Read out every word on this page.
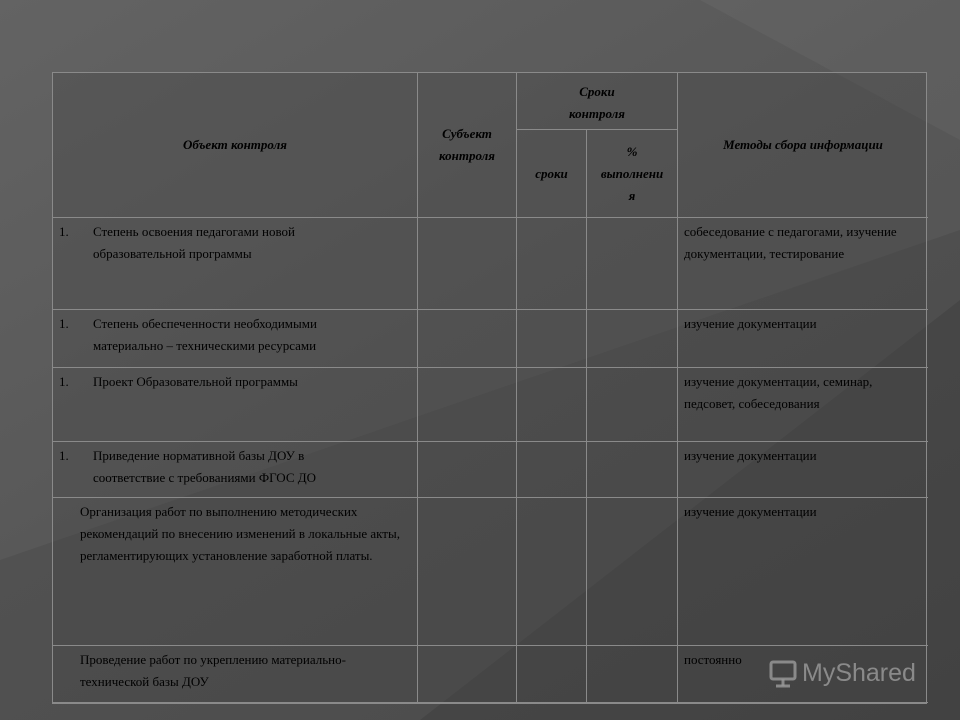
Объект контроля
Субъект
контроля
Сроки
контроля
Методы сбора информации
сроки
%
выполнени
я
1. Степень освоения педагогами новой образовательной программы
собеседование с педагогами, изучение документации, тестирование
1. Степень обеспеченности необходимыми материально – техническими ресурсами
изучение документации
1. Проект Образовательной программы	изучение документации, семинар, педсовет, собеседования
1. Приведение нормативной базы ДОУ в соответствие с требованиями ФГОС ДО
изучение документации
Организация работ по выполнению методических рекомендаций по внесению изменений в локальные акты, регламентирующих установление заработной платы.
изучение документации
Проведение работ по укреплению материально-технической базы ДОУ
постоянно	MyShared
